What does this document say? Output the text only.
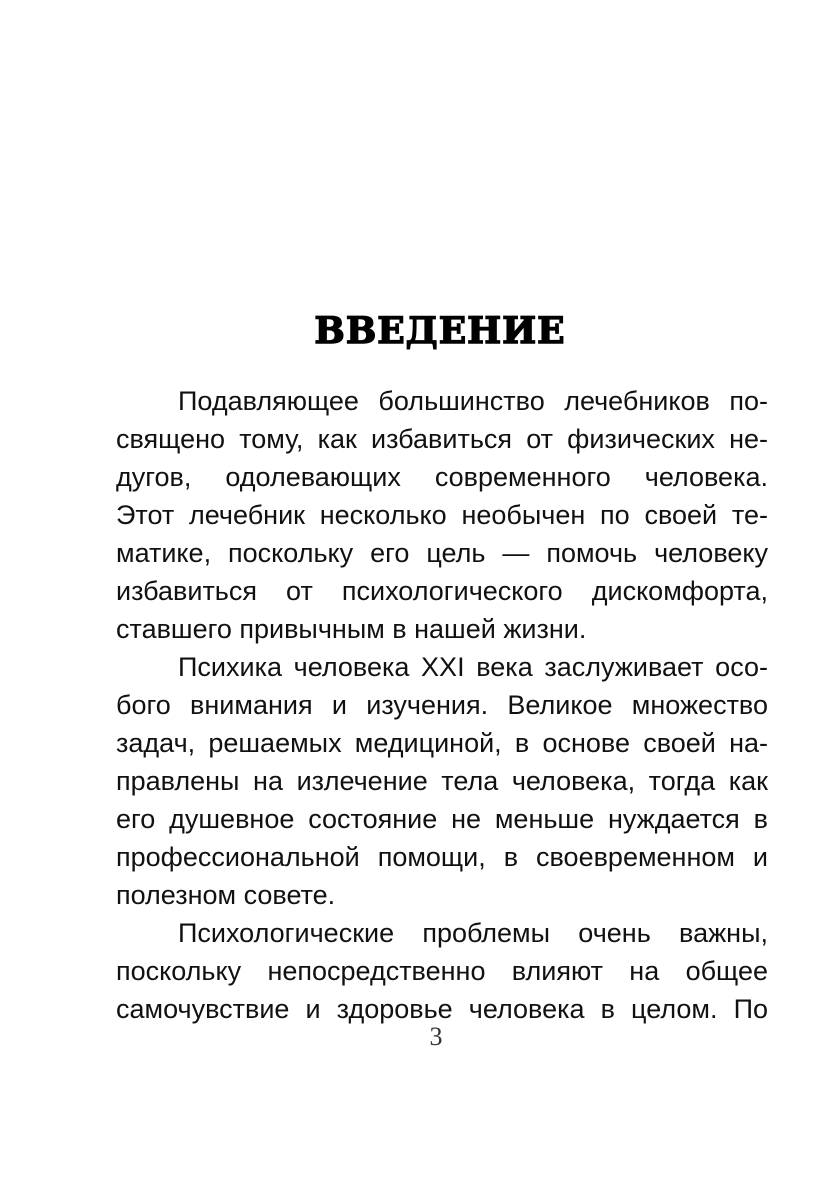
ВВЕДЕНИЕ
Подавляющее большинство лечебников по-
священо тому, как избавиться от физических не-
дугов, одолевающих современного человека.
Этот лечебник несколько необычен по своей те-
матике, поскольку его цель — помочь человеку
избавиться от психологического дискомфорта,
ставшего привычным в нашей жизни.
Психика человека XXI века заслуживает осо-
бого внимания и изучения. Великое множество
задач, решаемых медициной, в основе своей на-
правлены на излечение тела человека, тогда как
его душевное состояние не меньше нуждается в
профессиональной помощи, в своевременном и
полезном совете.
Психологические проблемы очень важны,
поскольку непосредственно влияют на общее
самочувствие и здоровье человека в целом. По
3
